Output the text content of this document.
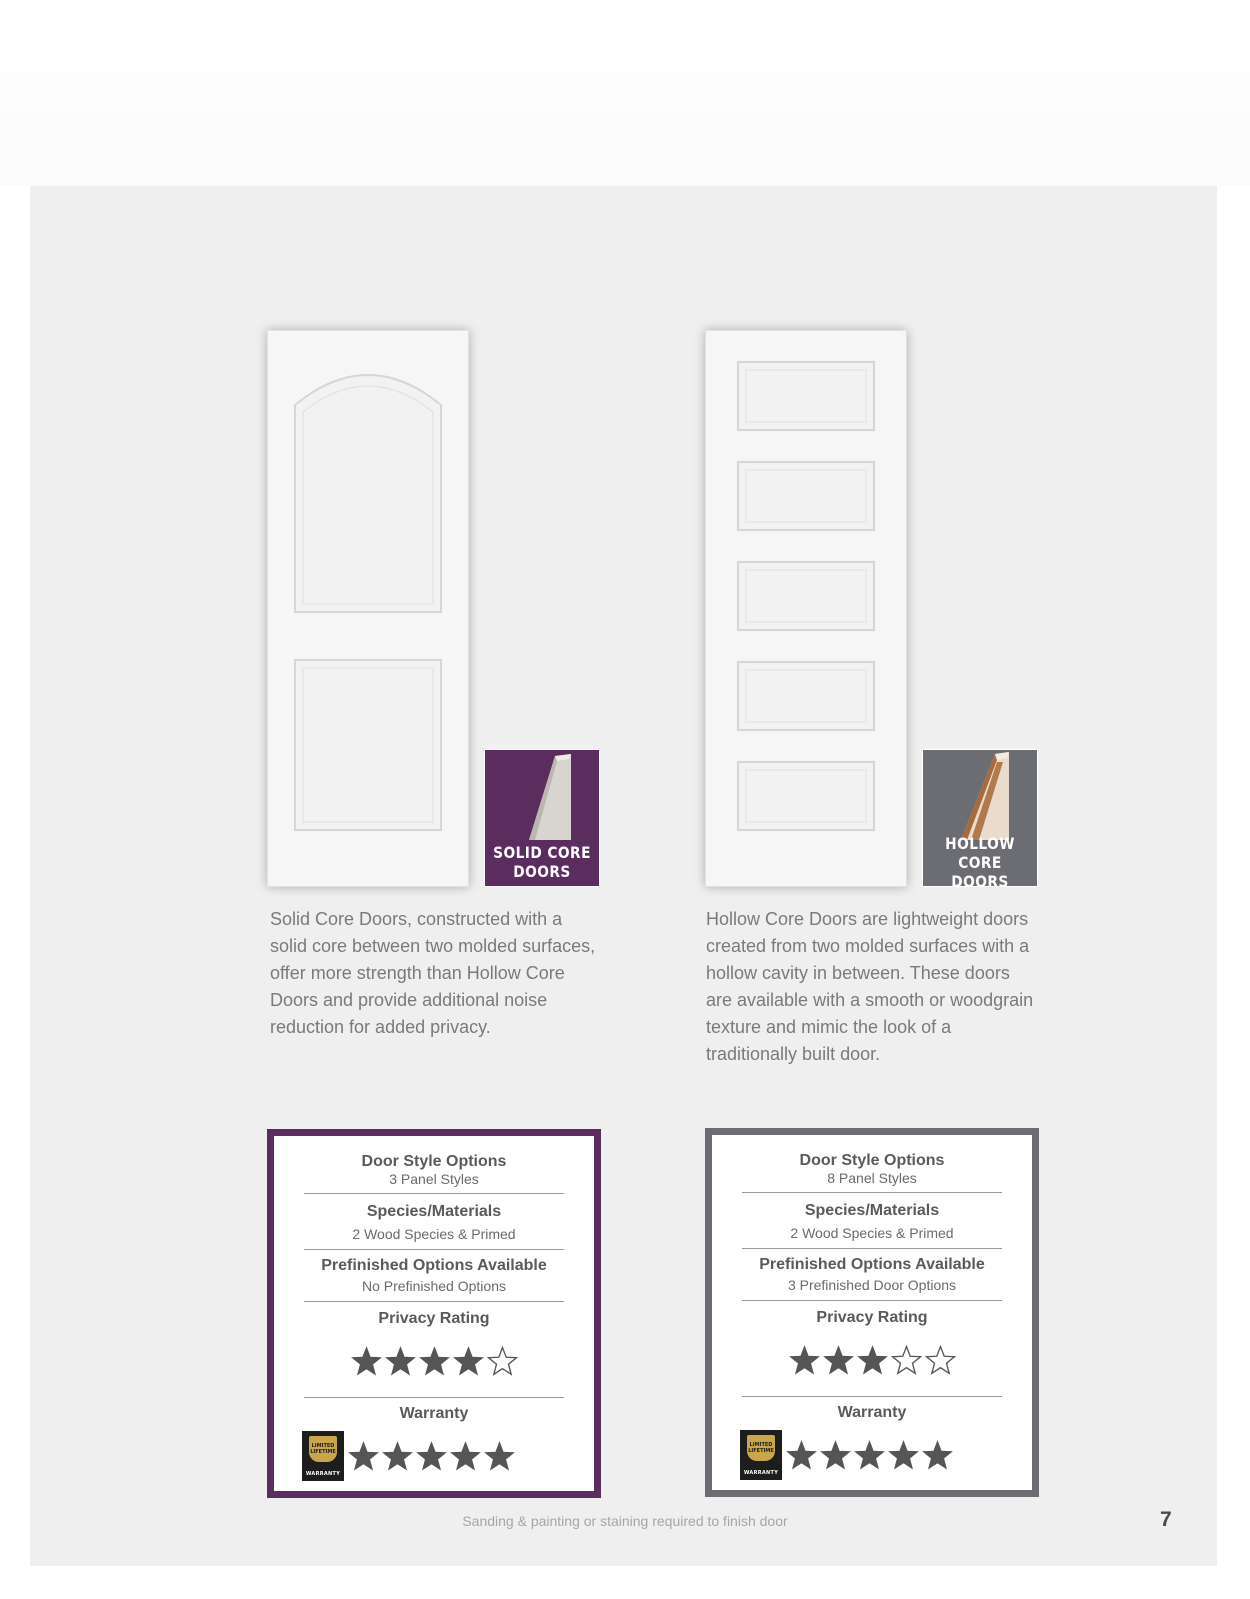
SOLID CORE
DOORS
HOLLOW CORE
DOORS
Solid Core Doors, constructed with a solid core between two molded surfaces, offer more strength than Hollow Core Doors and provide additional noise reduction for added privacy.
Hollow Core Doors are lightweight doors created from two molded surfaces with a hollow cavity in between. These doors are available with a smooth or woodgrain texture and mimic the look of a traditionally built door.
Door Style Options
3 Panel Styles
Species/Materials
2 Wood Species & Primed
Prefinished Options Available
No Prefinished Options
Privacy Rating
Warranty
LIMITED LIFETIME
WARRANTY
Door Style Options
8 Panel Styles
Species/Materials
2 Wood Species & Primed
Prefinished Options Available
3 Prefinished Door Options
Privacy Rating
Warranty
LIMITED LIFETIME
WARRANTY
Sanding & painting or staining required to finish door	7
